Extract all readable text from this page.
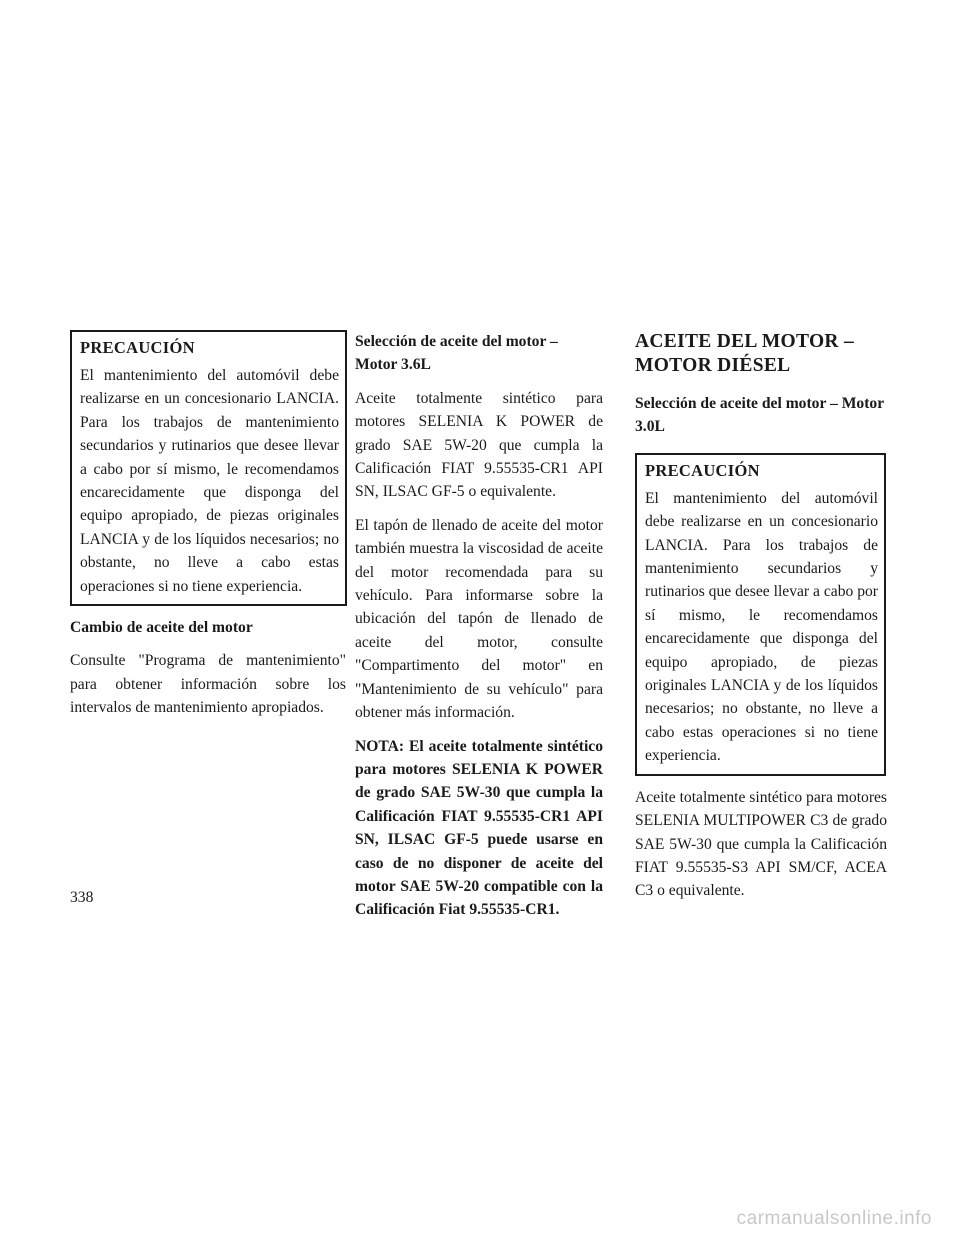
PRECAUCIÓN

El mantenimiento del automóvil debe realizarse en un concesionario LANCIA. Para los trabajos de mantenimiento secundarios y rutinarios que desee llevar a cabo por sí mismo, le recomendamos encarecidamente que disponga del equipo apropiado, de piezas originales LANCIA y de los líquidos necesarios; no obstante, no lleve a cabo estas operaciones si no tiene experiencia.

Cambio de aceite del motor

Consulte "Programa de mantenimiento" para obtener información sobre los intervalos de mantenimiento apropiados.

Selección de aceite del motor – Motor 3.6L

Aceite totalmente sintético para motores SELENIA K POWER de grado SAE 5W-20 que cumpla la Calificación FIAT 9.55535-CR1 API SN, ILSAC GF-5 o equivalente.

El tapón de llenado de aceite del motor también muestra la viscosidad de aceite del motor recomendada para su vehículo. Para informarse sobre la ubicación del tapón de llenado de aceite del motor, consulte "Compartimento del motor" en "Mantenimiento de su vehículo" para obtener más información.

NOTA: El aceite totalmente sintético para motores SELENIA K POWER de grado SAE 5W-30 que cumpla la Calificación FIAT 9.55535-CR1 API SN, ILSAC GF-5 puede usarse en caso de no disponer de aceite del motor SAE 5W-20 compatible con la Calificación Fiat 9.55535-CR1.

ACEITE DEL MOTOR –

MOTOR DIÉSEL

Selección de aceite del motor – Motor 3.0L

PRECAUCIÓN

El mantenimiento del automóvil debe realizarse en un concesionario LANCIA. Para los trabajos de mantenimiento secundarios y rutinarios que desee llevar a cabo por sí mismo, le recomendamos encarecidamente que disponga del equipo apropiado, de piezas originales LANCIA y de los líquidos necesarios; no obstante, no lleve a cabo estas operaciones si no tiene experiencia.

Aceite totalmente sintético para motores SELENIA MULTIPOWER C3 de grado SAE 5W-30 que cumpla la Calificación FIAT 9.55535-S3 API SM/CF, ACEA C3 o equivalente.

338
carmanualsonline.info
